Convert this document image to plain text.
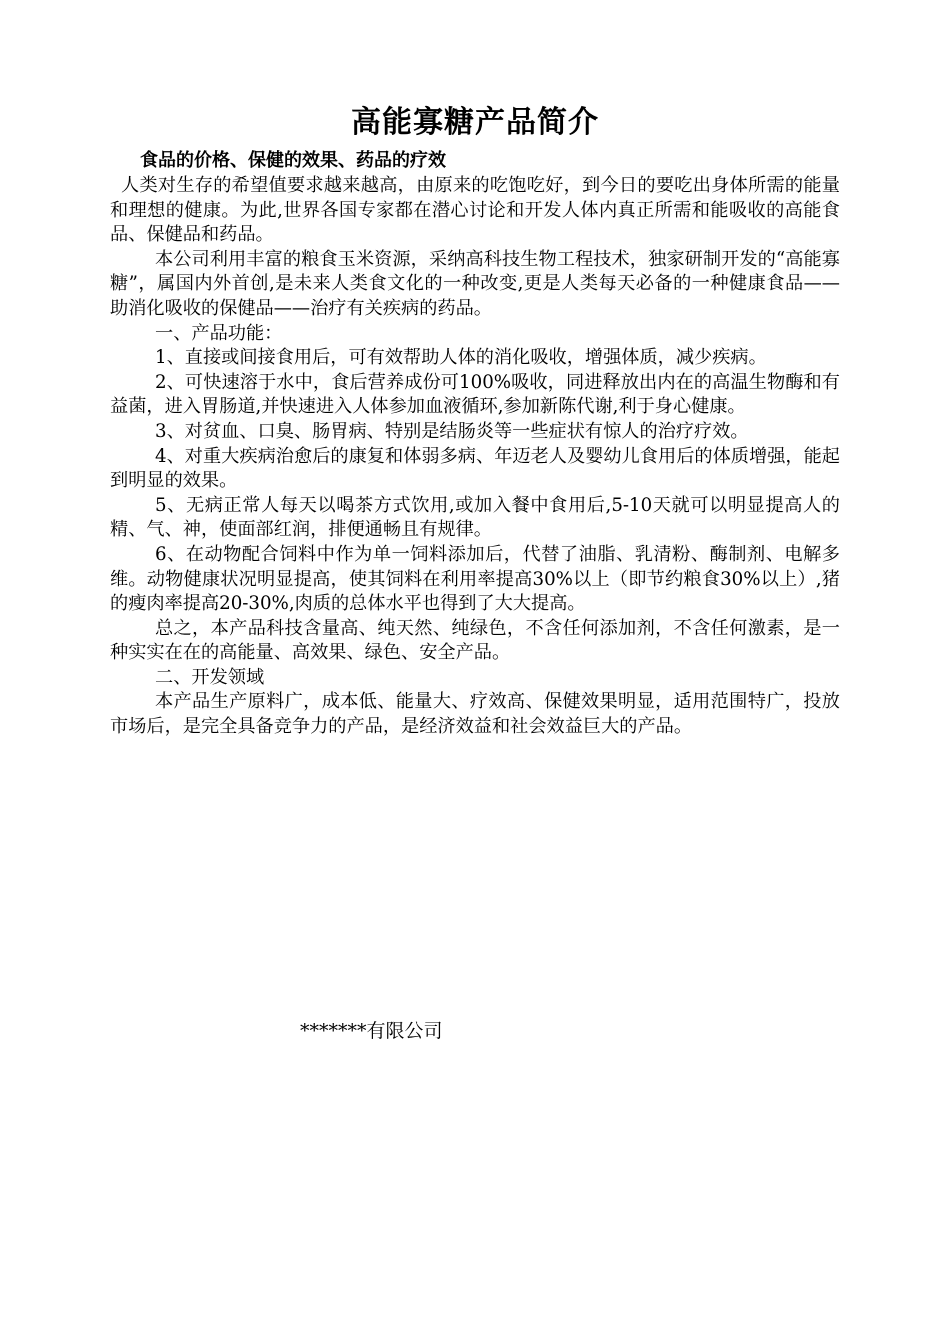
高能寡糖产品简介
食品的价格、保健的效果、药品的疗效

人类对生存的希望值要求越来越高，由原来的吃饱吃好，到今日的要吃出身体所需的能量和理想的健康。为此,世界各国专家都在潜心讨论和开发人体内真正所需和能吸收的高能食品、保健品和药品。

本公司利用丰富的粮食玉米资源，采纳高科技生物工程技术，独家研制开发的“高能寡糖”，属国内外首创,是未来人类食文化的一种改变,更是人类每天必备的一种健康食品——助消化吸收的保健品——治疗有关疾病的药品。

一、产品功能：

1、直接或间接食用后，可有效帮助人体的消化吸收，增强体质，减少疾病。

2、可快速溶于水中，食后营养成份可100%吸收，同进释放出内在的高温生物酶和有益菌，进入胃肠道,并快速进入人体参加血液循环,参加新陈代谢,利于身心健康。

3、对贫血、口臭、肠胃病、特别是结肠炎等一些症状有惊人的治疗疗效。

4、对重大疾病治愈后的康复和体弱多病、年迈老人及婴幼儿食用后的体质增强，能起到明显的效果。

5、无病正常人每天以喝茶方式饮用,或加入餐中食用后,5-10天就可以明显提高人的精、气、神，使面部红润，排便通畅且有规律。

6、在动物配合饲料中作为单一饲料添加后，代替了油脂、乳清粉、酶制剂、电解多维。动物健康状况明显提高，使其饲料在利用率提高30%以上（即节约粮食30%以上）,猪的瘦肉率提高20-30%,肉质的总体水平也得到了大大提高。

总之，本产品科技含量高、纯天然、纯绿色，不含任何添加剂，不含任何激素，是一种实实在在的高能量、高效果、绿色、安全产品。

二、开发领域

本产品生产原料广，成本低、能量大、疗效高、保健效果明显，适用范围特广，投放市场后，是完全具备竞争力的产品，是经济效益和社会效益巨大的产品。

*******有限公司
